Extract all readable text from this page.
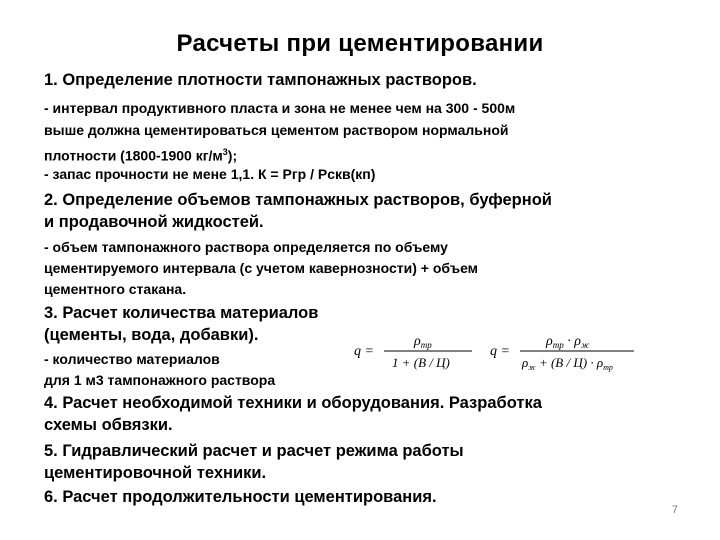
Расчеты при цементировании
1. Определение плотности тампонажных растворов.
- интервал продуктивного пласта и зона не менее чем на 300 - 500м
выше должна цементироваться цементом раствором нормальной
плотности (1800-1900 $кг/м^3$);
- запас прочности не мене 1,1. К = Ргр / Рскв(кп)
2. Определение объемов тампонажных растворов, буферной
и продавочной жидкостей.
- объем тампонажного раствора определяется по объему
цементируемого интервала (с учетом кавернозности) + объем
цементного стакана.
3. Расчет количества материалов
(цементы, вода, добавки).
- количество материалов
для 1 м3 тампонажного раствора
q =
$\rho_{тр}$
1 + (В / Ц)
q =
$\rho_{тр} \cdot \rho_ж$
$\rho_ж + (В / Ц) \cdot \rho_{тр}$
4. Расчет необходимой техники и оборудования. Разработка
схемы обвязки.
5. Гидравлический расчет и расчет режима работы
цементировочной техники.
6. Расчет продолжительности цементирования.
7
